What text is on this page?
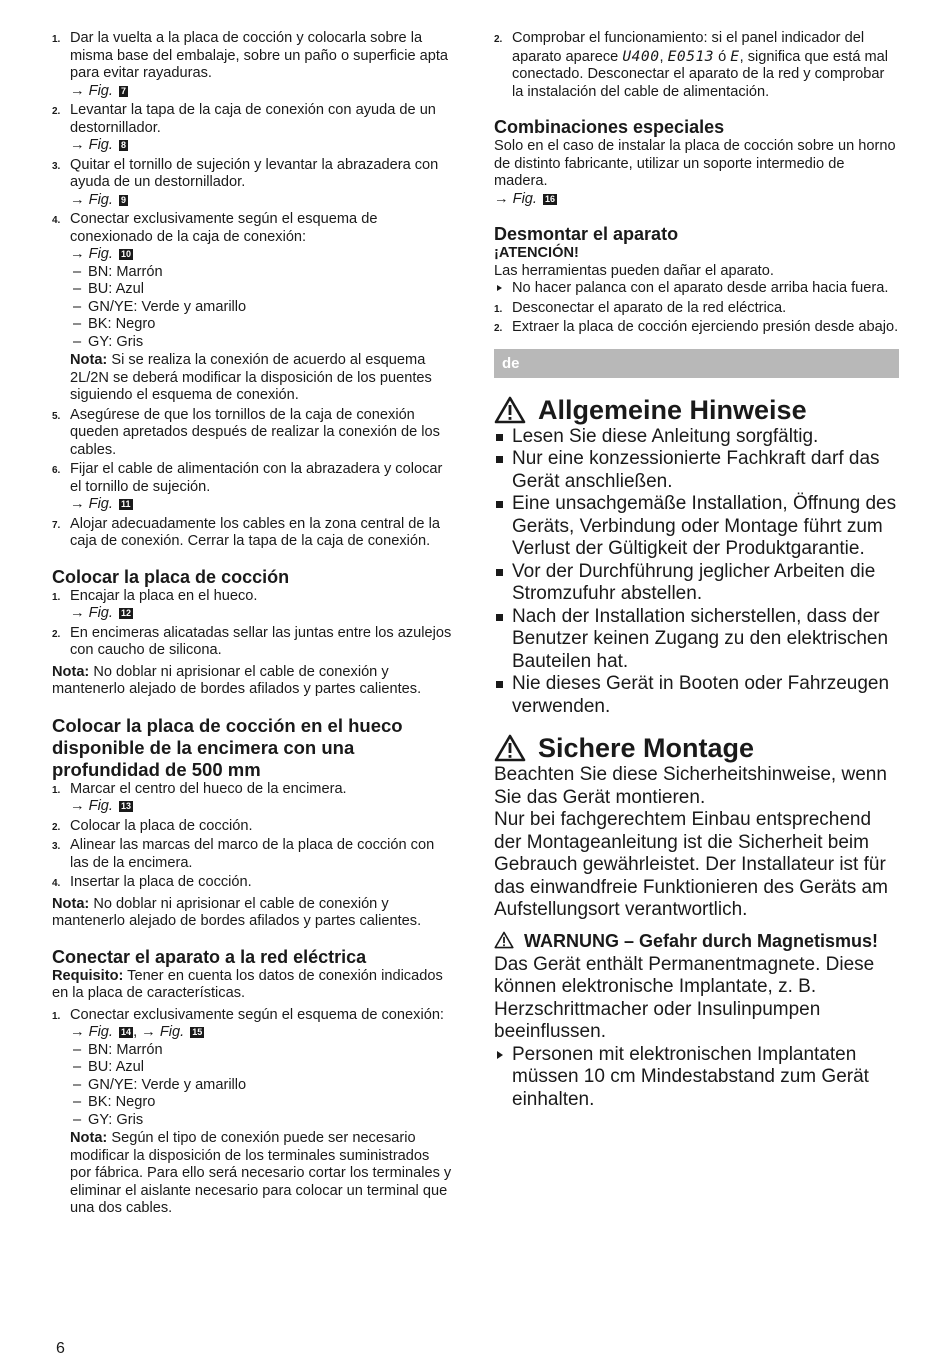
1. Dar la vuelta a la placa de cocción y colocarla sobre la misma base del embalaje, sobre un paño o superficie apta para evitar rayaduras.
→ Fig. 7
2. Levantar la tapa de la caja de conexión con ayuda de un destornillador.
→ Fig. 8
3. Quitar el tornillo de sujeción y levantar la abrazadera con ayuda de un destornillador.
→ Fig. 9
4. Conectar exclusivamente según el esquema de conexionado de la caja de conexión:
→ Fig. 10
– BN: Marrón
– BU: Azul
– GN/YE: Verde y amarillo
– BK: Negro
– GY: Gris
Nota: Si se realiza la conexión de acuerdo al esquema 2L/2N se deberá modificar la disposición de los puentes siguiendo el esquema de conexión.
5. Asegúrese de que los tornillos de la caja de conexión queden apretados después de realizar la conexión de los cables.
6. Fijar el cable de alimentación con la abrazadera y colocar el tornillo de sujeción.
→ Fig. 11
7. Alojar adecuadamente los cables en la zona central de la caja de conexión. Cerrar la tapa de la caja de conexión.
Colocar la placa de cocción
1. Encajar la placa en el hueco.
→ Fig. 12
2. En encimeras alicatadas sellar las juntas entre los azulejos con caucho de silicona.
Nota: No doblar ni aprisionar el cable de conexión y mantenerlo alejado de bordes afilados y partes calientes.
Colocar la placa de cocción en el hueco disponible de la encimera con una profundidad de 500 mm
1. Marcar el centro del hueco de la encimera.
→ Fig. 13
2. Colocar la placa de cocción.
3. Alinear las marcas del marco de la placa de cocción con las de la encimera.
4. Insertar la placa de cocción.
Nota: No doblar ni aprisionar el cable de conexión y mantenerlo alejado de bordes afilados y partes calientes.
Conectar el aparato a la red eléctrica
Requisito: Tener en cuenta los datos de conexión indicados en la placa de características.
1. Conectar exclusivamente según el esquema de conexión:
→ Fig. 14 , → Fig. 15
– BN: Marrón
– BU: Azul
– GN/YE: Verde y amarillo
– BK: Negro
– GY: Gris
Nota: Según el tipo de conexión puede ser necesario modificar la disposición de los terminales suministrados por fábrica. Para ello será necesario cortar los terminales y eliminar el aislante necesario para colocar un terminal que una dos cables.
2. Comprobar el funcionamiento: si el panel indicador del aparato aparece U400, E0513 ó E, significa que está mal conectado. Desconectar el aparato de la red y comprobar la instalación del cable de alimentación.
Combinaciones especiales
Solo en el caso de instalar la placa de cocción sobre un horno de distinto fabricante, utilizar un soporte intermedio de madera.
→ Fig. 16
Desmontar el aparato
¡ATENCIÓN!
Las herramientas pueden dañar el aparato.
No hacer palanca con el aparato desde arriba hacia fuera.
1. Desconectar el aparato de la red eléctrica.
2. Extraer la placa de cocción ejerciendo presión desde abajo.
de
Allgemeine Hinweise
Lesen Sie diese Anleitung sorgfältig.
Nur eine konzessionierte Fachkraft darf das Gerät anschließen.
Eine unsachgemäße Installation, Öffnung des Geräts, Verbindung oder Montage führt zum Verlust der Gültigkeit der Produktgarantie.
Vor der Durchführung jeglicher Arbeiten die Stromzufuhr abstellen.
Nach der Installation sicherstellen, dass der Benutzer keinen Zugang zu den elektrischen Bauteilen hat.
Nie dieses Gerät in Booten oder Fahrzeugen verwenden.
Sichere Montage
Beachten Sie diese Sicherheitshinweise, wenn Sie das Gerät montieren.
Nur bei fachgerechtem Einbau entsprechend der Montageanleitung ist die Sicherheit beim Gebrauch gewährleistet. Der Installateur ist für das einwandfreie Funktionieren des Geräts am Aufstellungsort verantwortlich.
WARNUNG – Gefahr durch Magnetismus!
Das Gerät enthält Permanentmagnete. Diese können elektronische Implantate, z. B. Herzschrittmacher oder Insulinpumpen beeinflussen.
Personen mit elektronischen Implantaten müssen 10 cm Mindestabstand zum Gerät einhalten.
6
